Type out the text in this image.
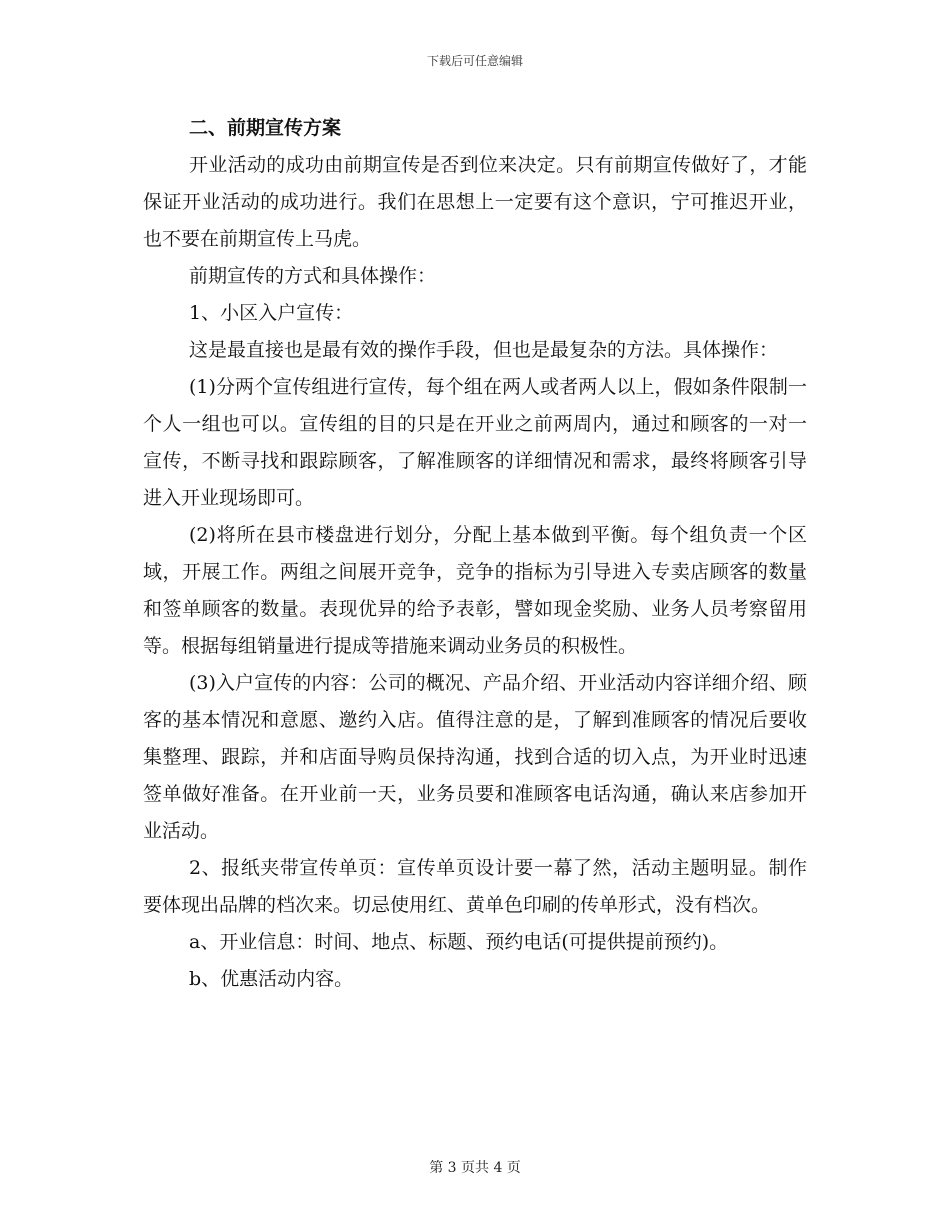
下载后可任意编辑
二、前期宣传方案

开业活动的成功由前期宣传是否到位来决定。只有前期宣传做好了，才能保证开业活动的成功进行。我们在思想上一定要有这个意识，宁可推迟开业，也不要在前期宣传上马虎。

前期宣传的方式和具体操作：

1、小区入户宣传：

这是最直接也是最有效的操作手段，但也是最复杂的方法。具体操作：

(1)分两个宣传组进行宣传，每个组在两人或者两人以上，假如条件限制一个人一组也可以。宣传组的目的只是在开业之前两周内，通过和顾客的一对一宣传，不断寻找和跟踪顾客，了解准顾客的详细情况和需求，最终将顾客引导进入开业现场即可。

(2)将所在县市楼盘进行划分，分配上基本做到平衡。每个组负责一个区域，开展工作。两组之间展开竞争，竞争的指标为引导进入专卖店顾客的数量和签单顾客的数量。表现优异的给予表彰，譬如现金奖励、业务人员考察留用等。根据每组销量进行提成等措施来调动业务员的积极性。

(3)入户宣传的内容：公司的概况、产品介绍、开业活动内容详细介绍、顾客的基本情况和意愿、邀约入店。值得注意的是，了解到准顾客的情况后要收集整理、跟踪，并和店面导购员保持沟通，找到合适的切入点，为开业时迅速签单做好准备。在开业前一天，业务员要和准顾客电话沟通，确认来店参加开业活动。

2、报纸夹带宣传单页：宣传单页设计要一幕了然，活动主题明显。制作要体现出品牌的档次来。切忌使用红、黄单色印刷的传单形式，没有档次。

a、开业信息：时间、地点、标题、预约电话(可提供提前预约)。

b、优惠活动内容。

第 3 页共 4 页
